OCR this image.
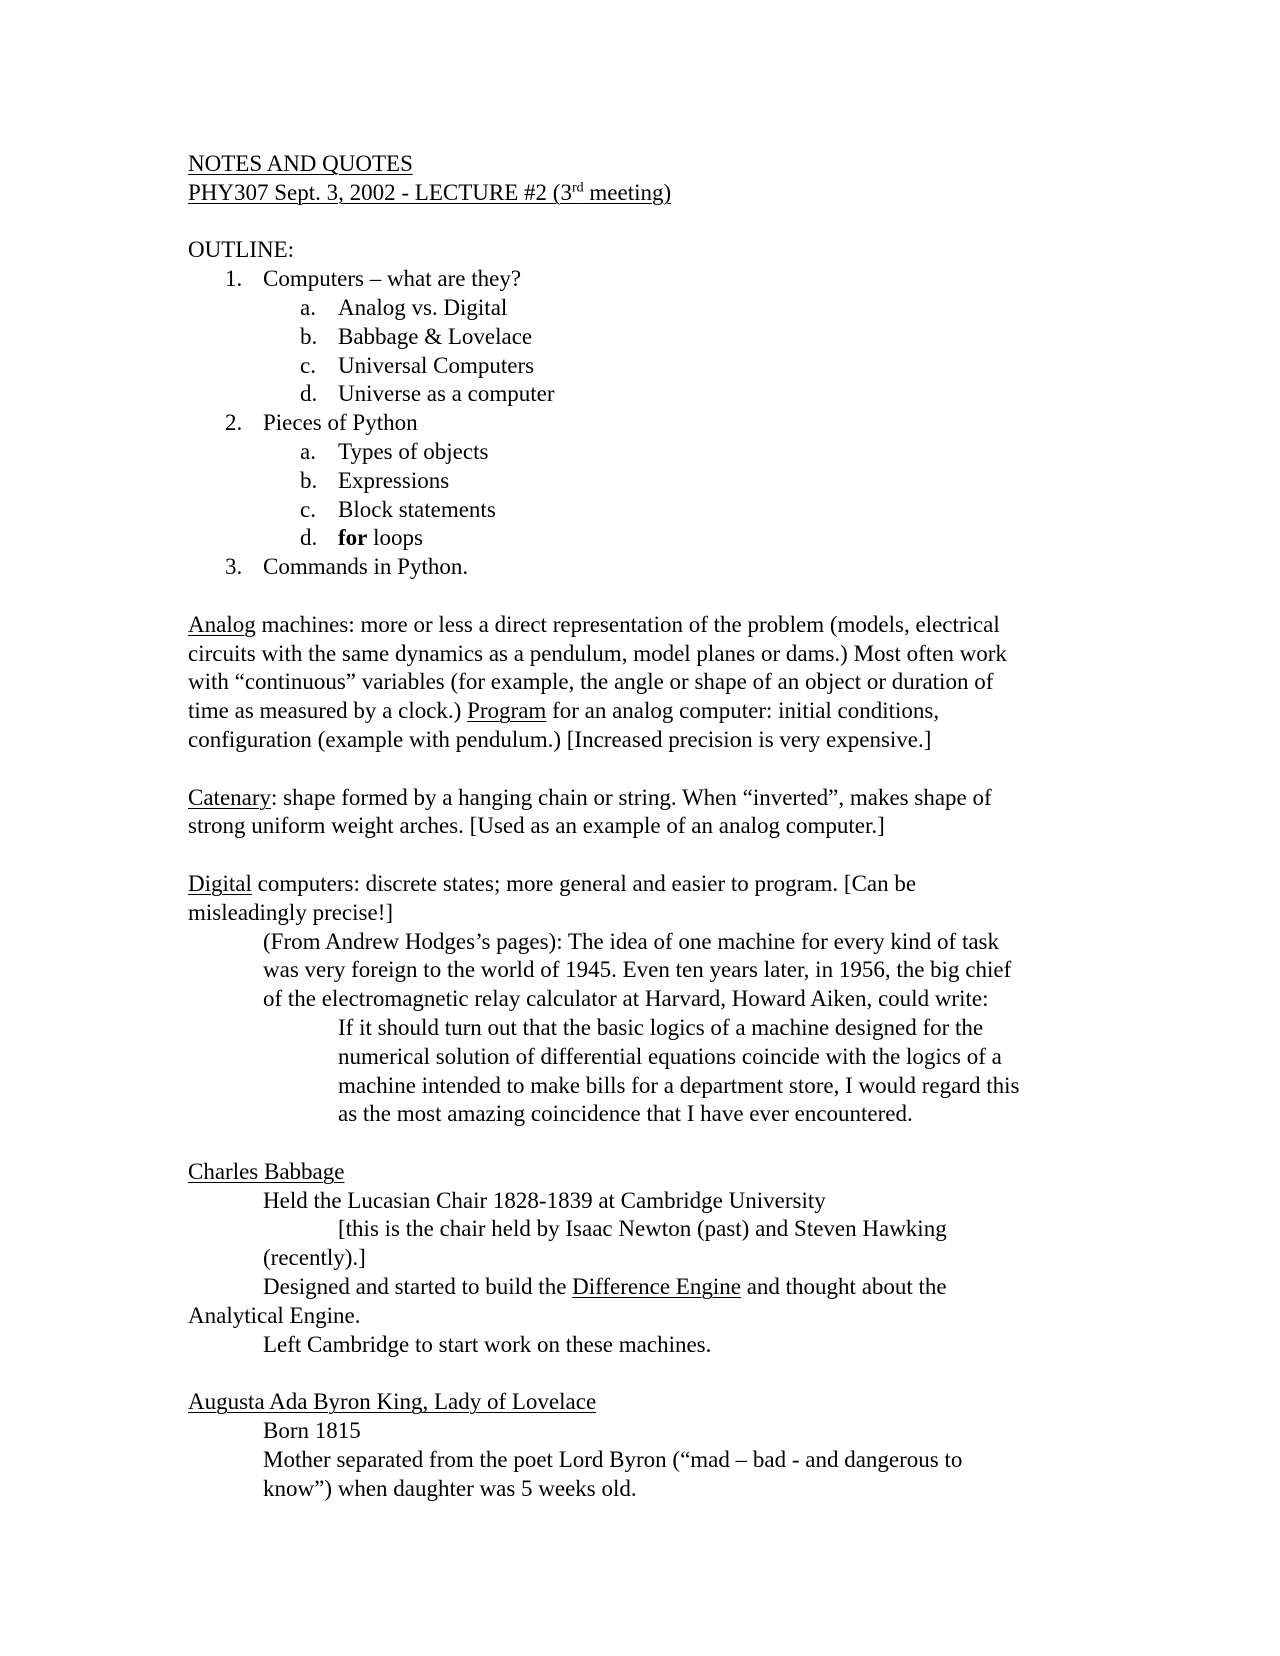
NOTES AND QUOTES
PHY307 Sept. 3, 2002 - LECTURE #2 (3rd meeting)
OUTLINE:
1. Computers – what are they?
a. Analog vs. Digital
b. Babbage & Lovelace
c. Universal Computers
d. Universe as a computer
2. Pieces of Python
a. Types of objects
b. Expressions
c. Block statements
d. for loops
3. Commands in Python.
Analog machines: more or less a direct representation of the problem (models, electrical
circuits with the same dynamics as a pendulum, model planes or dams.) Most often work
with “continuous” variables (for example, the angle or shape of an object or duration of
time as measured by a clock.) Program for an analog computer: initial conditions,
configuration (example with pendulum.) [Increased precision is very expensive.]
Catenary: shape formed by a hanging chain or string. When “inverted”, makes shape of
strong uniform weight arches. [Used as an example of an analog computer.]
Digital computers: discrete states; more general and easier to program. [Can be
misleadingly precise!]
(From Andrew Hodges’s pages): The idea of one machine for every kind of task
was very foreign to the world of 1945. Even ten years later, in 1956, the big chief
of the electromagnetic relay calculator at Harvard, Howard Aiken, could write:
If it should turn out that the basic logics of a machine designed for the
numerical solution of differential equations coincide with the logics of a
machine intended to make bills for a department store, I would regard this
as the most amazing coincidence that I have ever encountered.
Charles Babbage
Held the Lucasian Chair 1828-1839 at Cambridge University
[this is the chair held by Isaac Newton (past) and Steven Hawking
(recently).]
Designed and started to build the Difference Engine and thought about the
Analytical Engine.
Left Cambridge to start work on these machines.
Augusta Ada Byron King, Lady of Lovelace
Born 1815
Mother separated from the poet Lord Byron (“mad – bad - and dangerous to
know”) when daughter was 5 weeks old.
